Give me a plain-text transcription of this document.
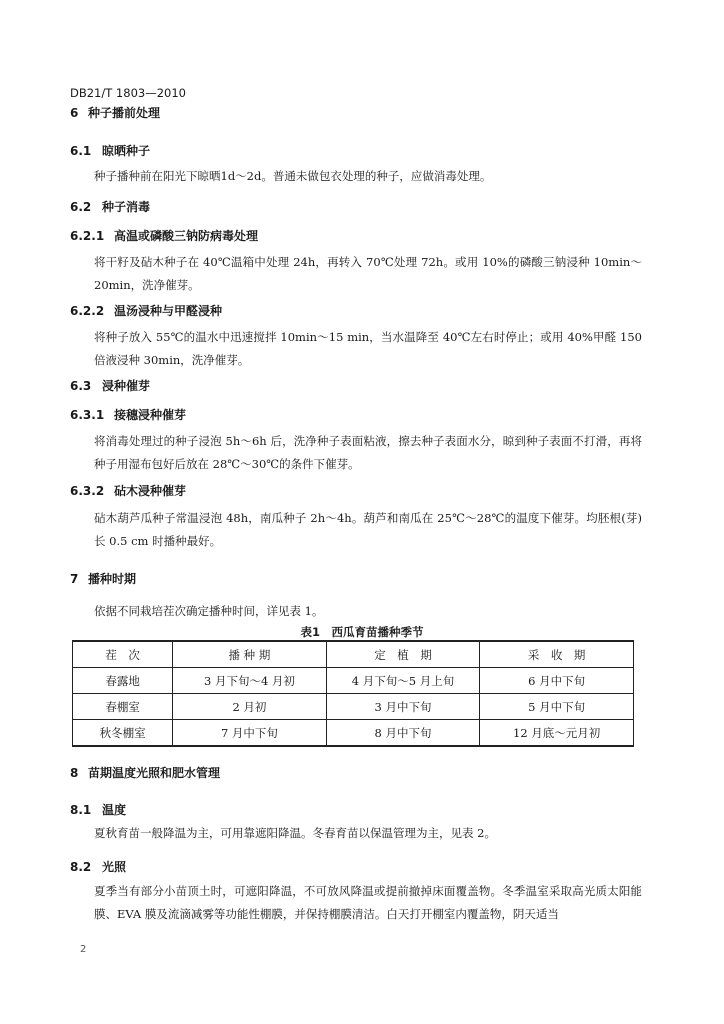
DB21/T 1803—2010
6 种子播前处理
6.1 晾晒种子
种子播种前在阳光下晾晒1d～2d。普通未做包衣处理的种子，应做消毒处理。
6.2 种子消毒
6.2.1 高温或磷酸三钠防病毒处理
将干籽及砧木种子在 40℃温箱中处理 24h，再转入 70℃处理 72h。或用 10%的磷酸三钠浸种 10min～20min，洗净催芽。
6.2.2 温汤浸种与甲醛浸种
将种子放入 55℃的温水中迅速搅拌 10min～15 min，当水温降至 40℃左右时停止；或用 40%甲醛 150 倍液浸种 30min，洗净催芽。
6.3 浸种催芽
6.3.1 接穗浸种催芽
将消毒处理过的种子浸泡 5h～6h 后，洗净种子表面粘液，擦去种子表面水分，晾到种子表面不打滑，再将种子用湿布包好后放在 28℃～30℃的条件下催芽。
6.3.2 砧木浸种催芽
砧木葫芦瓜种子常温浸泡 48h，南瓜种子 2h～4h。葫芦和南瓜在 25℃～28℃的温度下催芽。均胚根(芽)长 0.5 cm 时播种最好。
7 播种时期
依据不同栽培茬次确定播种时间，详见表 1。
表1　西瓜育苗播种季节
茬　次	播 种 期	定　植　期	采　收　期
春露地	3 月下旬～4 月初	4 月下旬～5 月上旬	6 月中下旬
春棚室	2 月初	3 月中下旬	5 月中下旬
秋冬棚室	7 月中下旬	8 月中下旬	12 月底～元月初
8 苗期温度光照和肥水管理
8.1 温度
夏秋育苗一般降温为主，可用靠遮阳降温。冬春育苗以保温管理为主，见表 2。
8.2 光照
夏季当有部分小苗顶土时，可遮阳降温，不可放风降温或提前撤掉床面覆盖物。冬季温室采取高光质太阳能膜、EVA 膜及流滴减雾等功能性棚膜，并保持棚膜清洁。白天打开棚室内覆盖物，阴天适当
2
